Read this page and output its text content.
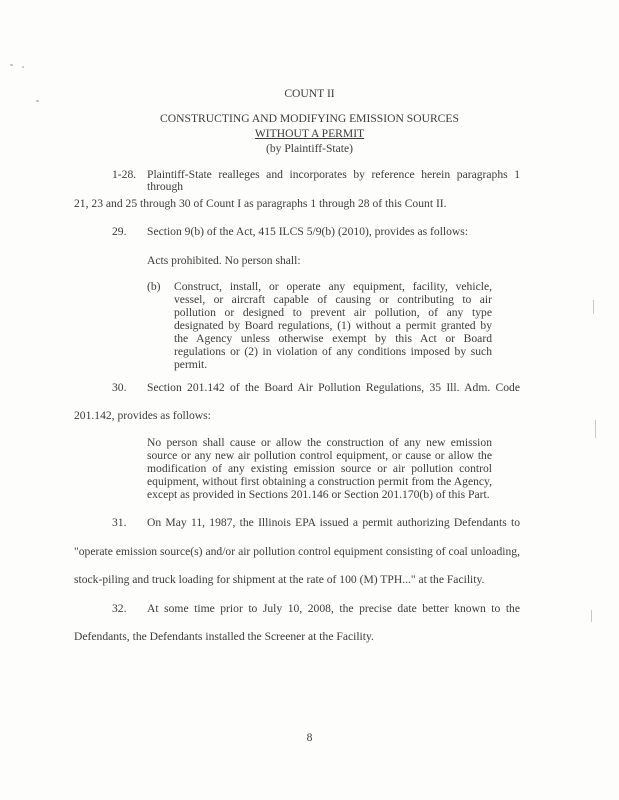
COUNT II
CONSTRUCTING AND MODIFYING EMISSION SOURCES
WITHOUT A PERMIT
(by Plaintiff-State)
1-28. Plaintiff-State realleges and incorporates by reference herein paragraphs 1 through
21, 23 and 25 through 30 of Count I as paragraphs 1 through 28 of this Count II.
29. Section 9(b) of the Act, 415 ILCS 5/9(b) (2010), provides as follows:
Acts prohibited. No person shall:
(b) Construct, install, or operate any equipment, facility, vehicle,
vessel, or aircraft capable of causing or contributing to air
pollution or designed to prevent air pollution, of any type
designated by Board regulations, (1) without a permit granted by
the Agency unless otherwise exempt by this Act or Board
regulations or (2) in violation of any conditions imposed by such
permit.
30. Section 201.142 of the Board Air Pollution Regulations, 35 Ill. Adm. Code
201.142, provides as follows:
No person shall cause or allow the construction of any new emission
source or any new air pollution control equipment, or cause or allow the
modification of any existing emission source or air pollution control
equipment, without first obtaining a construction permit from the Agency,
except as provided in Sections 201.146 or Section 201.170(b) of this Part.
31. On May 11, 1987, the Illinois EPA issued a permit authorizing Defendants to
"operate emission source(s) and/or air pollution control equipment consisting of coal unloading,
stock-piling and truck loading for shipment at the rate of 100 (M) TPH..." at the Facility.
32. At some time prior to July 10, 2008, the precise date better known to the
Defendants, the Defendants installed the Screener at the Facility.
8
